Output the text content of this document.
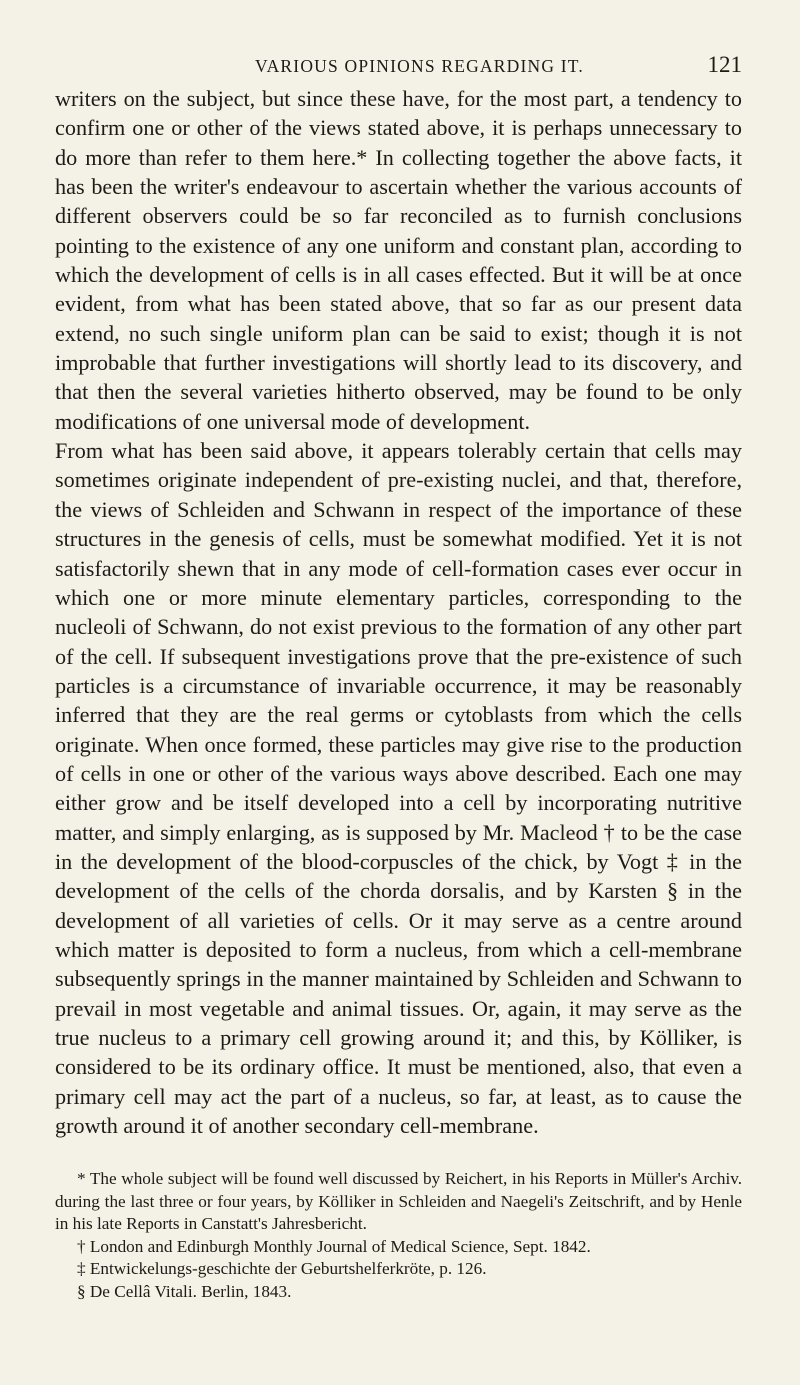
VARIOUS OPINIONS REGARDING IT.	121

writers on the subject, but since these have, for the most part, a tendency to confirm one or other of the views stated above, it is perhaps unnecessary to do more than refer to them here.* In collecting together the above facts, it has been the writer's endeavour to ascertain whether the various accounts of different observers could be so far reconciled as to furnish conclusions pointing to the existence of any one uniform and constant plan, according to which the development of cells is in all cases effected. But it will be at once evident, from what has been stated above, that so far as our present data extend, no such single uniform plan can be said to exist; though it is not improbable that further investigations will shortly lead to its discovery, and that then the several varieties hitherto observed, may be found to be only modifications of one universal mode of development.

From what has been said above, it appears tolerably certain that cells may sometimes originate independent of pre-existing nuclei, and that, therefore, the views of Schleiden and Schwann in respect of the importance of these structures in the genesis of cells, must be somewhat modified. Yet it is not satisfactorily shewn that in any mode of cell-formation cases ever occur in which one or more minute elementary particles, corresponding to the nucleoli of Schwann, do not exist previous to the formation of any other part of the cell. If subsequent investigations prove that the pre-existence of such particles is a circumstance of invariable occurrence, it may be reasonably inferred that they are the real germs or cytoblasts from which the cells originate. When once formed, these particles may give rise to the production of cells in one or other of the various ways above described. Each one may either grow and be itself developed into a cell by incorporating nutritive matter, and simply enlarging, as is supposed by Mr. Macleod † to be the case in the development of the blood-corpuscles of the chick, by Vogt ‡ in the development of the cells of the chorda dorsalis, and by Karsten § in the development of all varieties of cells. Or it may serve as a centre around which matter is deposited to form a nucleus, from which a cell-membrane subsequently springs in the manner maintained by Schleiden and Schwann to prevail in most vegetable and animal tissues. Or, again, it may serve as the true nucleus to a primary cell growing around it; and this, by Kölliker, is considered to be its ordinary office. It must be mentioned, also, that even a primary cell may act the part of a nucleus, so far, at least, as to cause the growth around it of another secondary cell-membrane.

* The whole subject will be found well discussed by Reichert, in his Reports in Müller's Archiv. during the last three or four years, by Kölliker in Schleiden and Naegeli's Zeitschrift, and by Henle in his late Reports in Canstatt's Jahresbericht.

† London and Edinburgh Monthly Journal of Medical Science, Sept. 1842.

‡ Entwickelungs-geschichte der Geburtshelferkröte, p. 126.

§ De Cellâ Vitali. Berlin, 1843.
